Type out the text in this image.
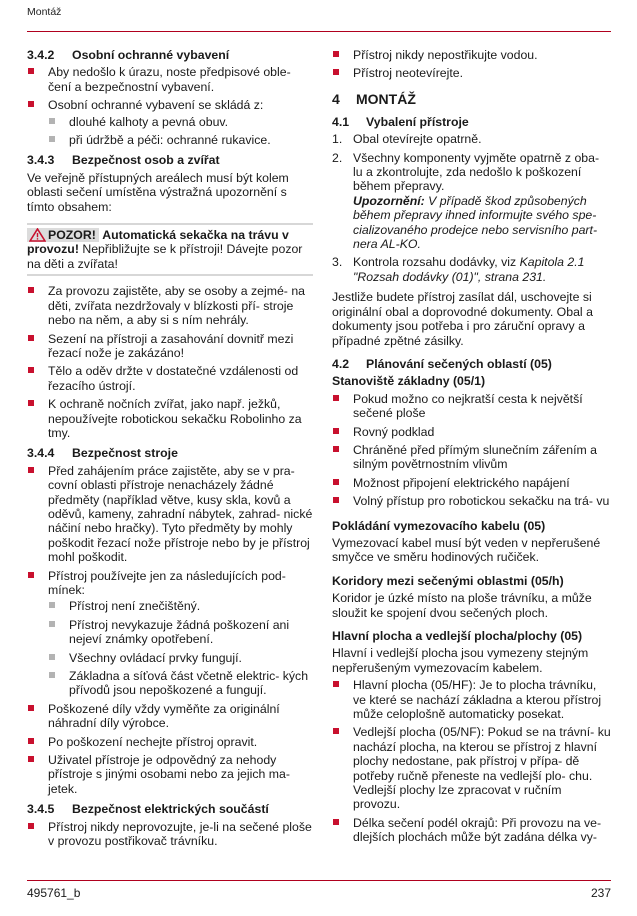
Montáž
3.4.2 Osobní ochranné vybavení
Aby nedošlo k úrazu, noste předpisové oble- čení a bezpečnostní vybavení.
Osobní ochranné vybavení se skládá z:
dlouhé kalhoty a pevná obuv.
při údržbě a péči: ochranné rukavice.
3.4.3 Bezpečnost osob a zvířat

Ve veřejně přístupných areálech musí být kolem oblasti sečení umístěna výstražná upozornění s tímto obsahem:

POZOR! Automatická sekačka na trávu v provozu! Nepřibližujte se k přístroji! Dávejte pozor na děti a zvířata!
Za provozu zajistěte, aby se osoby a zejmé- na děti, zvířata nezdržovaly v blízkosti pří- stroje nebo na něm, a aby si s ním nehrály.
Sezení na přístroji a zasahování dovnitř mezi řezací nože je zakázáno!
Tělo a oděv držte v dostatečné vzdálenosti od řezacího ústrojí.
K ochraně nočních zvířat, jako např. ježků, nepoužívejte robotickou sekačku Robolinho za tmy.
3.4.4 Bezpečnost stroje
Před zahájením práce zajistěte, aby se v pra- covní oblasti přístroje nenacházely žádné předměty (například větve, kusy skla, kovů a oděvů, kameny, zahradní nábytek, zahrad- nické náčiní nebo hračky). Tyto předměty by mohly poškodit řezací nože přístroje nebo by je přístroj mohl poškodit.
Přístroj používejte jen za následujících pod- mínek:
Přístroj není znečištěný.
Přístroj nevykazuje žádná poškození ani nejeví známky opotřebení.
Všechny ovládací prvky fungují.
Základna a síťová část včetně elektric- kých přívodů jsou nepoškozené a fungují.
Poškozené díly vždy vyměňte za originální náhradní díly výrobce.
Po poškození nechejte přístroj opravit.
Uživatel přístroje je odpovědný za nehody přístroje s jinými osobami nebo za jejich ma- jetek.
3.4.5 Bezpečnost elektrických součástí
Přístroj nikdy neprovozujte, je-li na sečené ploše v provozu postřikovač trávníku.
Přístroj nikdy nepostřikujte vodou.
Přístroj neotevírejte.
4 MONTÁŽ
4.1 Vybalení přístroje
1. Obal otevírejte opatrně.
2. Všechny komponenty vyjměte opatrně z oba- lu a zkontrolujte, zda nedošlo k poškození během přepravy.
Upozornění: V případě škod způsobených během přepravy ihned informujte svého spe- cializovaného prodejce nebo servisního part- nera AL-KO.
3. Kontrola rozsahu dodávky, viz Kapitola 2.1 "Rozsah dodávky (01)", strana 231.

Jestliže budete přístroj zasílat dál, uschovejte si originální obal a doprovodné dokumenty. Obal a dokumenty jsou potřeba i pro záruční opravy a případné zpětné zásilky.

4.2 Plánování sečených oblastí (05)
Stanoviště základny (05/1)
Pokud možno co nejkratší cesta k největší sečené ploše
Rovný podklad
Chráněné před přímým slunečním zářením a silným povětrnostním vlivům
Možnost připojení elektrického napájení
Volný přístup pro robotickou sekačku na trá- vu
Pokládání vymezovacího kabelu (05)

Vymezovací kabel musí být veden v nepřerušené smyčce ve směru hodinových ručiček.

Koridory mezi sečenými oblastmi (05/h)

Koridor je úzké místo na ploše trávníku, a může sloužit ke spojení dvou sečených ploch.

Hlavní plocha a vedlejší plocha/plochy (05)

Hlavní i vedlejší plocha jsou vymezeny stejným nepřerušeným vymezovacím kabelem.

Hlavní plocha (05/HF): Je to plocha trávníku, ve které se nachází základna a kterou přístroj může celoplošně automaticky posekat.
Vedlejší plocha (05/NF): Pokud se na trávní- ku nachází plocha, na kterou se přístroj z hlavní plochy nedostane, pak přístroj v přípa- dě potřeby ručně přeneste na vedlejší plo- chu. Vedlejší plochy lze zpracovat v ručním provozu.
Délka sečení podél okrajů: Při provozu na ve- dlejších plochách může být zadána délka vy-
495761_b	237
